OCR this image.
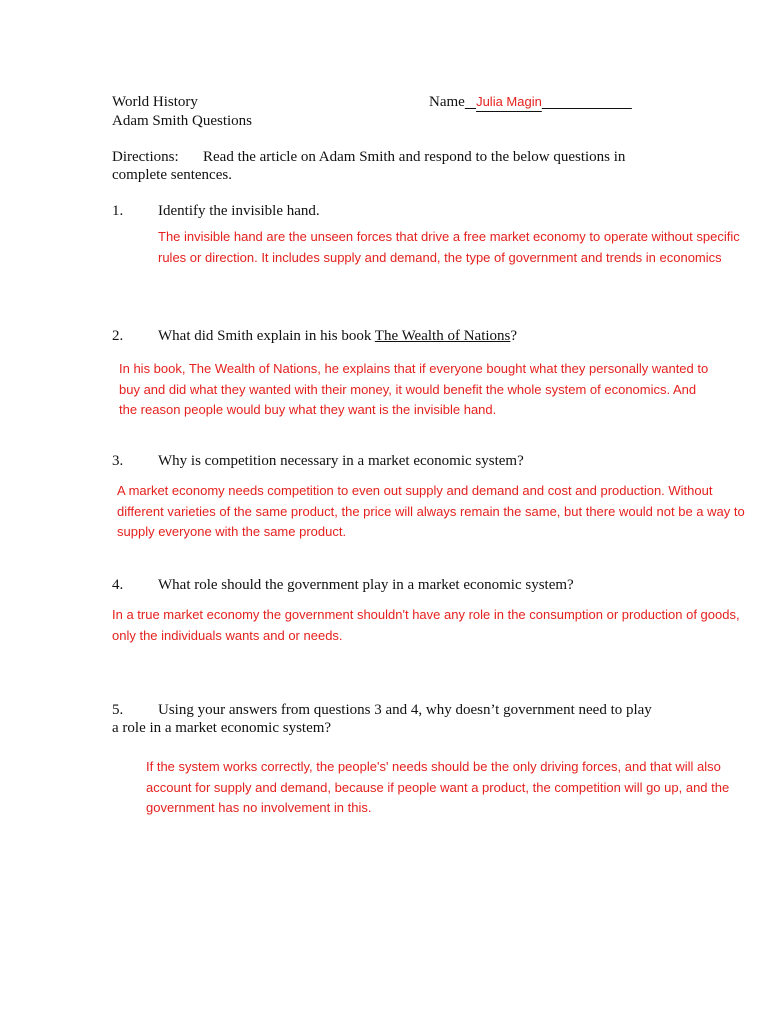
World History

Adam Smith Questions

Name Julia Magin

Directions: Read the article on Adam Smith and respond to the below questions in

complete sentences.

1. Identify the invisible hand.

The invisible hand are the unseen forces that drive a free market economy to operate without specific
rules or direction. It includes supply and demand, the type of government and trends in economics

2. What did Smith explain in his book The Wealth of Nations?

In his book, The Wealth of Nations, he explains that if everyone bought what they personally wanted to
buy and did what they wanted with their money, it would benefit the whole system of economics. And
the reason people would buy what they want is the invisible hand.

3. Why is competition necessary in a market economic system?

A market economy needs competition to even out supply and demand and cost and production. Without
different varieties of the same product, the price will always remain the same, but there would not be a way to
supply everyone with the same product.

4. What role should the government play in a market economic system?

In a true market economy the government shouldn't have any role in the consumption or production of goods,
only the individuals wants and or needs.

5. Using your answers from questions 3 and 4, why doesn’t government need to play

a role in a market economic system?

If the system works correctly, the people's' needs should be the only driving forces, and that will also
account for supply and demand, because if people want a product, the competition will go up, and the
government has no involvement in this.
